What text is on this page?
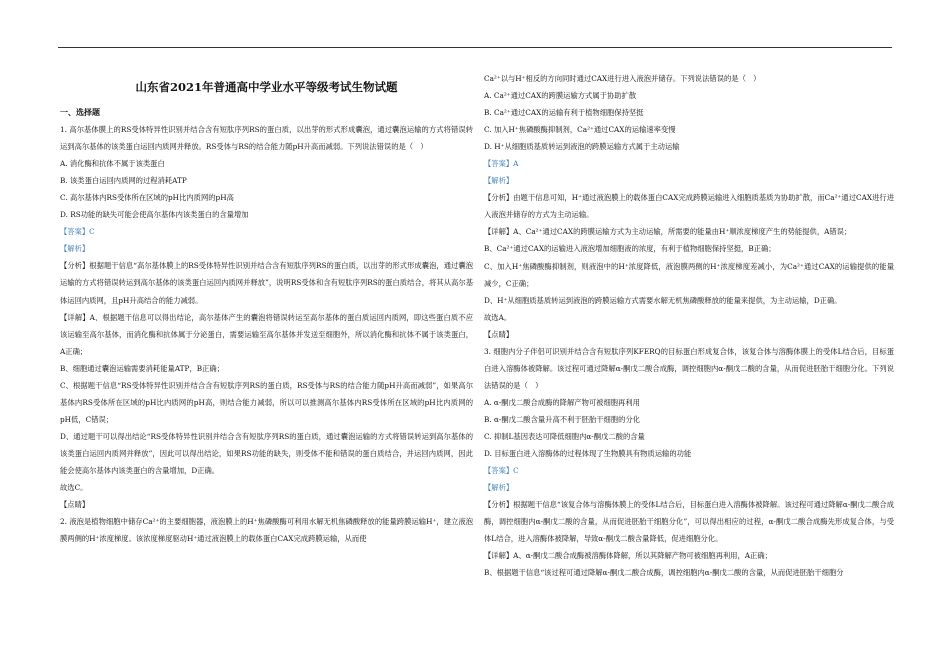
山东省2021年普通高中学业水平等级考试生物试题
一、选择题

1. 高尔基体膜上的RS受体特异性识别并结合含有短肽序列RS的蛋白质，以出芽的形式形成囊泡，通过囊泡运输的方式将错误转运到高尔基体的该类蛋白运回内质网并释放。RS受体与RS的结合能力随pH升高而减弱。下列说法错误的是（　）

A. 消化酶和抗体不属于该类蛋白

B. 该类蛋白运回内质网的过程消耗ATP

C. 高尔基体内RS受体所在区域的pH比内质网的pH高

D. RS功能的缺失可能会使高尔基体内该类蛋白的含量增加

【答案】C

【解析】

【分析】根据题干信息“高尔基体膜上的RS受体特异性识别并结合含有短肽序列RS的蛋白质，以出芽的形式形成囊泡，通过囊泡运输的方式将错误转运到高尔基体的该类蛋白运回内质网并释放”，说明RS受体和含有短肽序列RS的蛋白质结合，将其从高尔基体运回内质网，且pH升高结合的能力减弱。

【详解】A、根据题干信息可以得出结论，高尔基体产生的囊泡将错误转运至高尔基体的蛋白质运回内质网，即这些蛋白质不应该运输至高尔基体，而消化酶和抗体属于分泌蛋白，需要运输至高尔基体并发送至细胞外，所以消化酶和抗体不属于该类蛋白，A正确；

B、细胞通过囊泡运输需要消耗能量ATP，B正确；

C、根据题干信息“RS受体特异性识别并结合含有短肽序列RS的蛋白质，RS受体与RS的结合能力随pH升高而减弱”，如果高尔基体内RS受体所在区域的pH比内质网的pH高，则结合能力减弱，所以可以推测高尔基体内RS受体所在区域的pH比内质网的pH低，C错误；

D、通过题干可以得出结论“RS受体特异性识别并结合含有短肽序列RS的蛋白质，通过囊泡运输的方式将错误转运到高尔基体的该类蛋白运回内质网并释放”，因此可以得出结论，如果RS功能的缺失，则受体不能和错误的蛋白质结合，并运回内质网，因此能会使高尔基体内该类蛋白的含量增加，D正确。

故选C。

【点睛】

2. 液泡是植物细胞中储存Ca²⁺的主要细胞器，液泡膜上的H⁺焦磷酸酶可利用水解无机焦磷酸释放的能量跨膜运输H⁺，建立液泡膜两侧的H⁺浓度梯度。该浓度梯度驱动H⁺通过液泡膜上的载体蛋白CAX完成跨膜运输，从而使

Ca²⁺以与H⁺相反的方向同时通过CAX进行进入液泡并储存。下列说法错误的是（　）

A. Ca²⁺通过CAX的跨膜运输方式属于协助扩散

B. Ca²⁺通过CAX的运输有利于植物细胞保持坚挺

C. 加入H⁺焦磷酸酶抑制剂，Ca²⁺通过CAX的运输速率变慢

D. H⁺从细胞质基质转运到液泡的跨膜运输方式属于主动运输

【答案】A

【解析】

【分析】由题干信息可知，H⁺通过液泡膜上的载体蛋白CAX完成跨膜运输进入细胞质基质为协助扩散，而Ca²⁺通过CAX进行进入液泡并储存的方式为主动运输。

【详解】A、Ca²⁺通过CAX的跨膜运输方式为主动运输，所需要的能量由H⁺顺浓度梯度产生的势能提供，A错误；

B、Ca²⁺通过CAX的运输进入液泡增加细胞液的浓度，有利于植物细胞保持坚挺，B正确；

C、加入H⁺焦磷酸酶抑制剂，则液泡中的H⁺浓度降低，液泡膜两侧的H⁺浓度梯度差减小，为Ca²⁺通过CAX的运输提供的能量减少，C正确；

D、H⁺从细胞质基质转运到液泡的跨膜运输方式需要水解无机焦磷酸释放的能量来提供，为主动运输，D正确。

故选A。

【点睛】

3. 细胞内分子伴侣可识别并结合含有短肽序列KFERQ的目标蛋白形成复合体，该复合体与溶酶体膜上的受体L结合后，目标蛋白进入溶酶体被降解。该过程可通过降解α-酮戊二酸合成酶，调控细胞内α-酮戊二酸的含量，从而促进胚胎干细胞分化。下列说法错误的是（　）

A. α-酮戊二酸合成酶的降解产物可被细胞再利用

B. α-酮戊二酸含量升高不利于胚胎干细胞的分化

C. 抑制L基因表达可降低细胞内α-酮戊二酸的含量

D. 目标蛋白进入溶酶体的过程体现了生物膜具有物质运输的功能

【答案】C

【解析】

【分析】根据题干信息“该复合体与溶酶体膜上的受体L结合后，目标蛋白进入溶酶体被降解。该过程可通过降解α-酮戊二酸合成酶，调控细胞内α-酮戊二酸的含量，从而促进胚胎干细胞分化”，可以得出相应的过程，α-酮戊二酸合成酶先形成复合体，与受体L结合，进入溶酶体被降解，导致α-酮戊二酸含量降低，促进细胞分化。

【详解】A、α-酮戊二酸合成酶被溶酶体降解，所以其降解产物可被细胞再利用，A正确；

B、根据题干信息“该过程可通过降解α-酮戊二酸合成酶，调控细胞内α-酮戊二酸的含量，从而促进胚胎干细胞分
